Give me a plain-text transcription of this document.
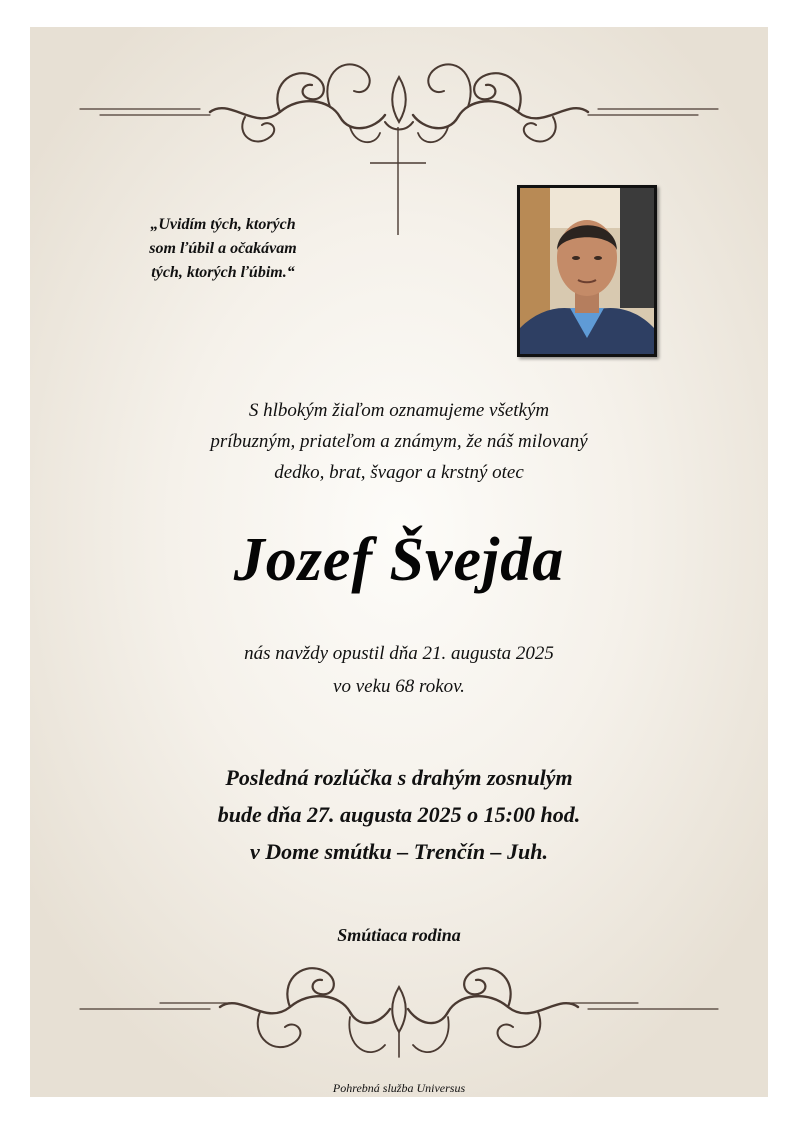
„Uvidím tých, ktorých
som ľúbil a očakávam
tých, ktorých ľúbim.“
S hlbokým žiaľom oznamujeme všetkým
príbuzným, priateľom a známym, že náš milovaný
dedko, brat, švagor a krstný otec
Jozef Švejda
nás navždy opustil dňa 21. augusta 2025
vo veku 68 rokov.
Posledná rozlúčka s drahým zosnulým
bude dňa 27. augusta 2025 o 15:00 hod.
v Dome smútku – Trenčín – Juh.
Smútiaca rodina
Pohrebná služba Universus
